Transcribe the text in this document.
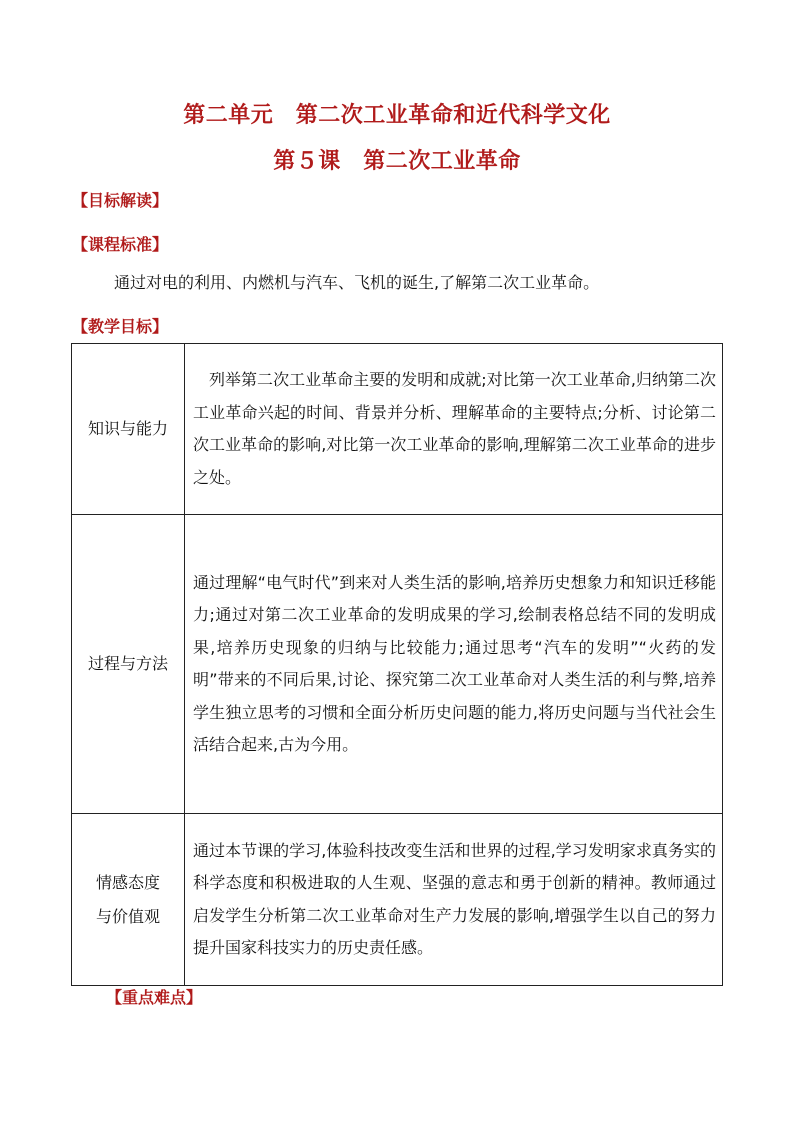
第二单元　第二次工业革命和近代科学文化
第５课　第二次工业革命
【目标解读】
【课程标准】
通过对电的利用、内燃机与汽车、飞机的诞生,了解第二次工业革命。
【教学目标】
知识与能力	列举第二次工业革命主要的发明和成就;对比第一次工业革命,归纳第二次工业革命兴起的时间、背景并分析、理解革命的主要特点;分析、讨论第二次工业革命的影响,对比第一次工业革命的影响,理解第二次工业革命的进步之处。

过程与方法	通过理解“电气时代”到来对人类生活的影响,培养历史想象力和知识迁移能力;通过对第二次工业革命的发明成果的学习,绘制表格总结不同的发明成果,培养历史现象的归纳与比较能力;通过思考“汽车的发明”“火药的发明”带来的不同后果,讨论、探究第二次工业革命对人类生活的利与弊,培养学生独立思考的习惯和全面分析历史问题的能力,将历史问题与当代社会生活结合起来,古为今用。

情感态度
与价值观	通过本节课的学习,体验科技改变生活和世界的过程,学习发明家求真务实的科学态度和积极进取的人生观、坚强的意志和勇于创新的精神。教师通过启发学生分析第二次工业革命对生产力发展的影响,增强学生以自己的努力提升国家科技实力的历史责任感。
【重点难点】
